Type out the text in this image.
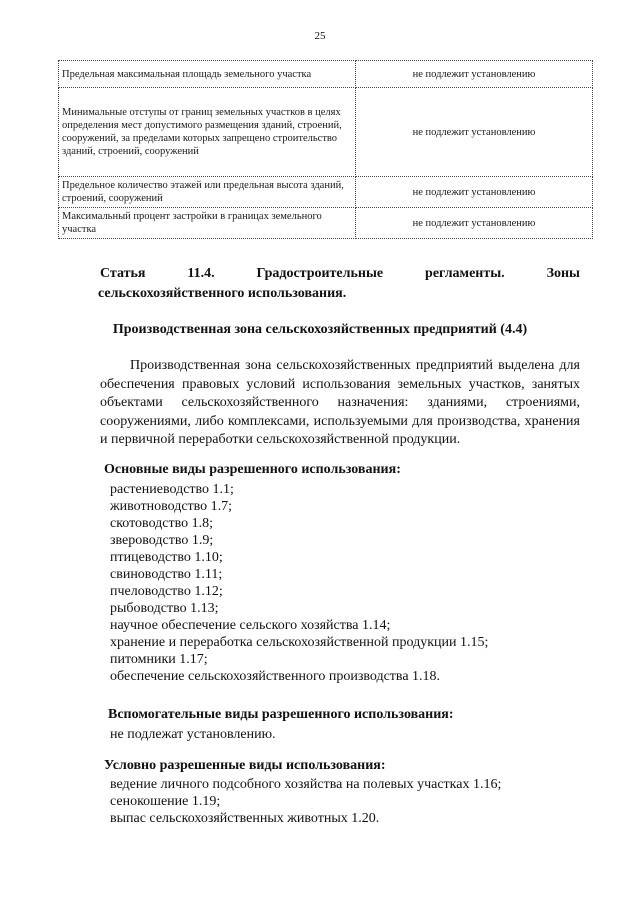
25
Предельная максимальная площадь земельного участка	не подлежит установлению
Минимальные отступы от границ земельных участков в целях определения мест допустимого размещения зданий, строений, сооружений, за пределами которых запрещено строительство зданий, строений, сооружений	не подлежит установлению
Предельное количество этажей или предельная высота зданий, строений, сооружений	не подлежит установлению
Максимальный процент застройки в границах земельного участка	не подлежит установлению
Статья	11.4.	Градостроительные	регламенты.	Зоны
сельскохозяйственного использования.
Производственная зона сельскохозяйственных предприятий (4.4)
Производственная зона сельскохозяйственных предприятий выделена для обеспечения правовых условий использования земельных участков, занятых объектами сельскохозяйственного назначения: зданиями, строениями, сооружениями, либо комплексами, используемыми для производства, хранения и первичной переработки сельскохозяйственной продукции.
Основные виды разрешенного использования:
растениеводство 1.1;
животноводство 1.7;
скотоводство 1.8;
звероводство 1.9;
птицеводство 1.10;
свиноводство 1.11;
пчеловодство 1.12;
рыбоводство 1.13;
научное обеспечение сельского хозяйства 1.14;
хранение и переработка сельскохозяйственной продукции 1.15;
питомники 1.17;
обеспечение сельскохозяйственного производства 1.18.
Вспомогательные виды разрешенного использования:
не подлежат установлению.
Условно разрешенные виды использования:
ведение личного подсобного хозяйства на полевых участках 1.16;
сенокошение 1.19;
выпас сельскохозяйственных животных 1.20.
